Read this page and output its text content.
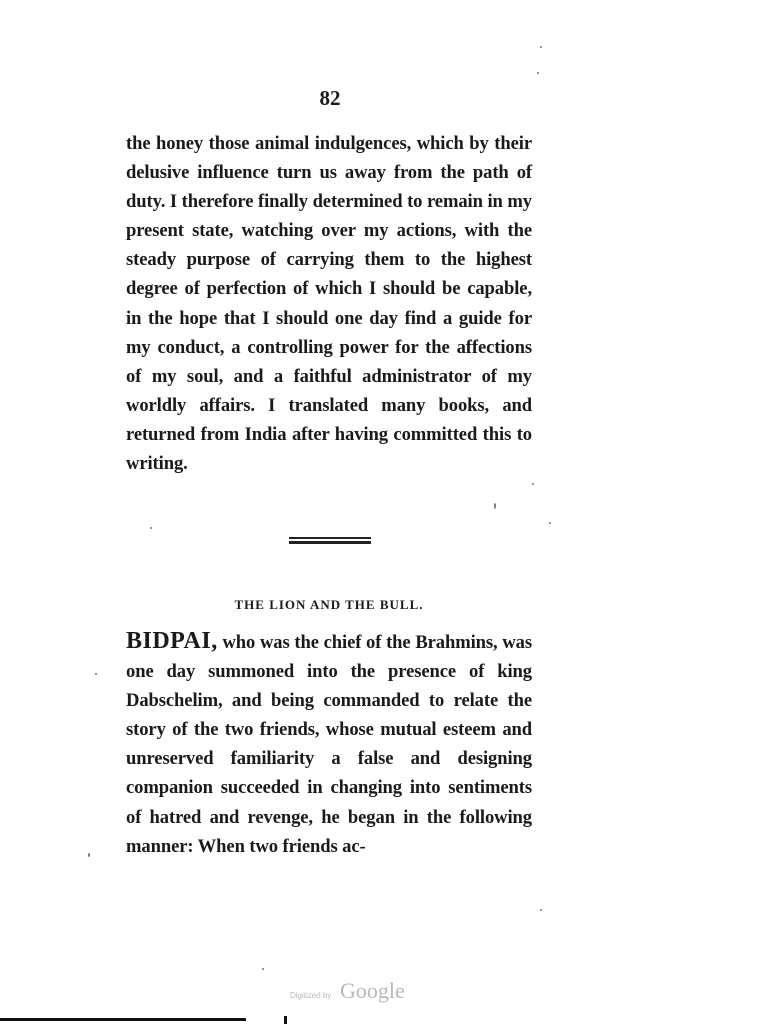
82

the honey those animal indulgences, which by their delusive influence turn us away from the path of duty. I therefore finally determined to remain in my present state, watching over my actions, with the steady purpose of carrying them to the highest degree of perfection of which I should be capable, in the hope that I should one day find a guide for my conduct, a controlling power for the affections of my soul, and a faithful administrator of my worldly affairs. I translated many books, and returned from India after having committed this to writing.

THE LION AND THE BULL.

BIDPAI, who was the chief of the Brahmins, was one day summoned into the presence of king Dabschelim, and being commanded to relate the story of the two friends, whose mutual esteem and unreserved familiarity a false and designing companion succeeded in changing into sentiments of hatred and revenge, he began in the following manner: When two friends ac-

Digitized by Google
